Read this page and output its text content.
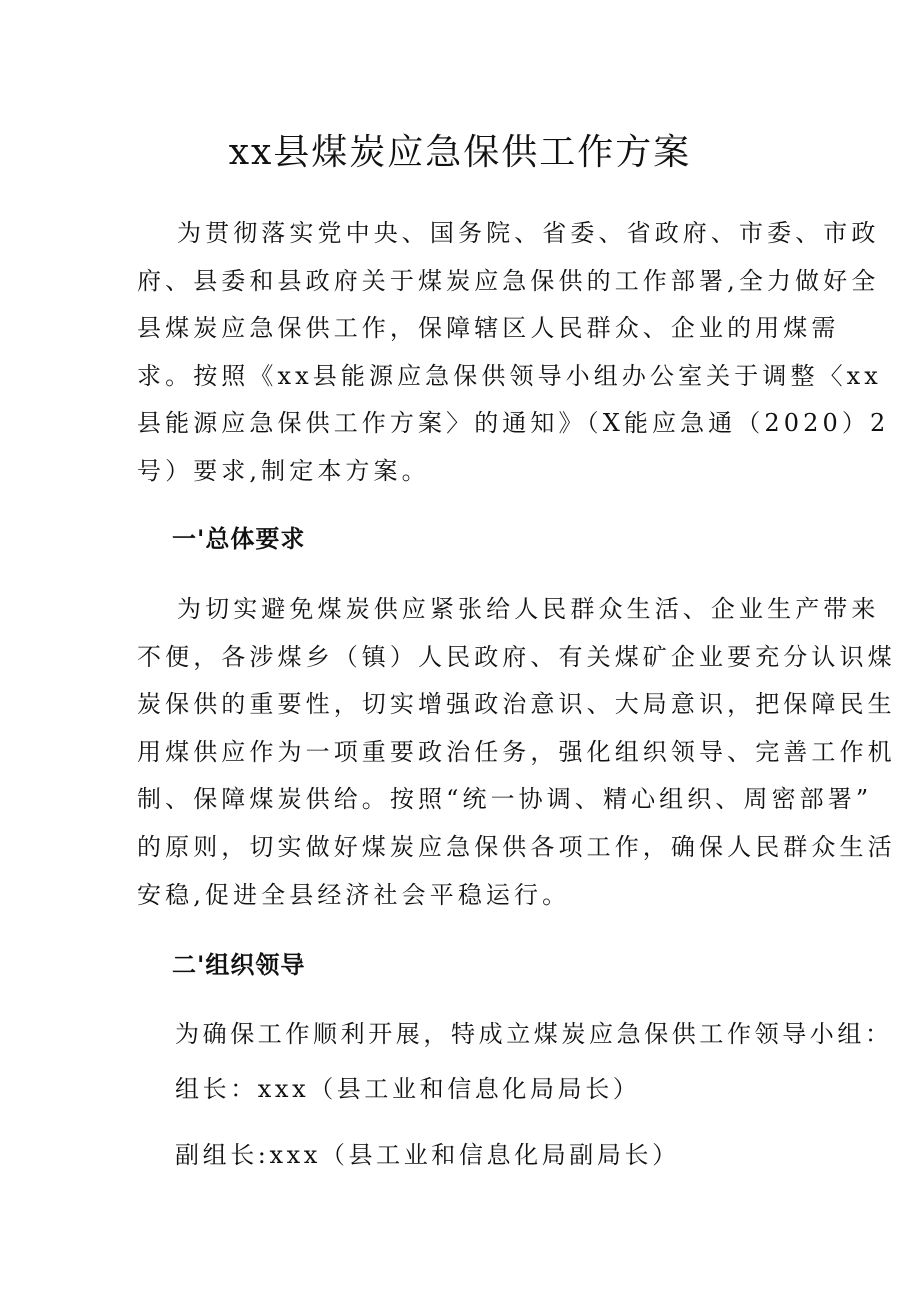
xx县煤炭应急保供工作方案

为贯彻落实党中央、国务院、省委、省政府、市委、市政
府、县委和县政府关于煤炭应急保供的工作部署,全力做好全
县煤炭应急保供工作，保障辖区人民群众、企业的用煤需
求。按照《xx县能源应急保供领导小组办公室关于调整〈xx
县能源应急保供工作方案〉的通知》（X能应急通（2020）2
号）要求,制定本方案。

一'总体要求

为切实避免煤炭供应紧张给人民群众生活、企业生产带来
不便，各涉煤乡（镇）人民政府、有关煤矿企业要充分认识煤
炭保供的重要性，切实增强政治意识、大局意识，把保障民生
用煤供应作为一项重要政治任务，强化组织领导、完善工作机
制、保障煤炭供给。按照“统一协调、精心组织、周密部署”
的原则，切实做好煤炭应急保供各项工作，确保人民群众生活
安稳,促进全县经济社会平稳运行。

二'组织领导

为确保工作顺利开展，特成立煤炭应急保供工作领导小组：

组长：xxx（县工业和信息化局局长）

副组长:xxx（县工业和信息化局副局长）
